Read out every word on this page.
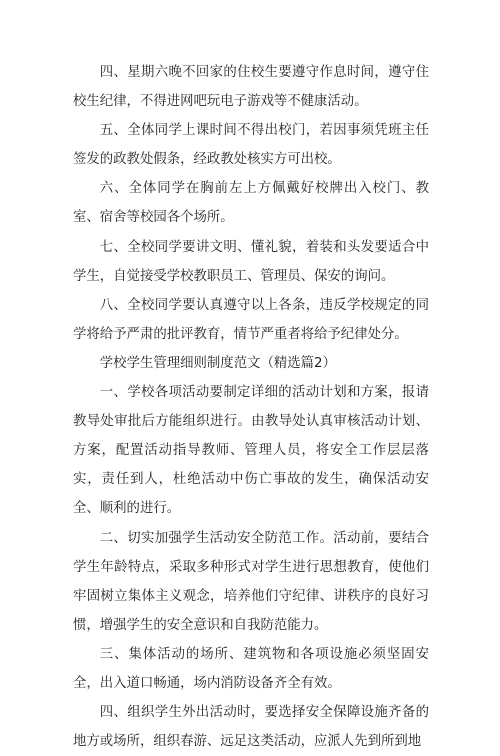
四、星期六晚不回家的住校生要遵守作息时间，遵守住校生纪律，不得进网吧玩电子游戏等不健康活动。

五、全体同学上课时间不得出校门，若因事须凭班主任签发的政教处假条，经政教处核实方可出校。

六、全体同学在胸前左上方佩戴好校牌出入校门、教室、宿舍等校园各个场所。

七、全校同学要讲文明、懂礼貌，着装和头发要适合中学生，自觉接受学校教职员工、管理员、保安的询问。

八、全校同学要认真遵守以上各条，违反学校规定的同学将给予严肃的批评教育，情节严重者将给予纪律处分。

学校学生管理细则制度范文（精选篇2）

一、学校各项活动要制定详细的活动计划和方案，报请教导处审批后方能组织进行。由教导处认真审核活动计划、方案，配置活动指导教师、管理人员，将安全工作层层落实，责任到人，杜绝活动中伤亡事故的发生，确保活动安全、顺利的进行。

二、切实加强学生活动安全防范工作。活动前，要结合学生年龄特点，采取多种形式对学生进行思想教育，使他们牢固树立集体主义观念，培养他们守纪律、讲秩序的良好习惯，增强学生的安全意识和自我防范能力。

三、集体活动的场所、建筑物和各项设施必须坚固安全，出入道口畅通，场内消防设备齐全有效。

四、组织学生外出活动时，要选择安全保障设施齐备的地方或场所，组织春游、远足这类活动，应派人先到所到地
